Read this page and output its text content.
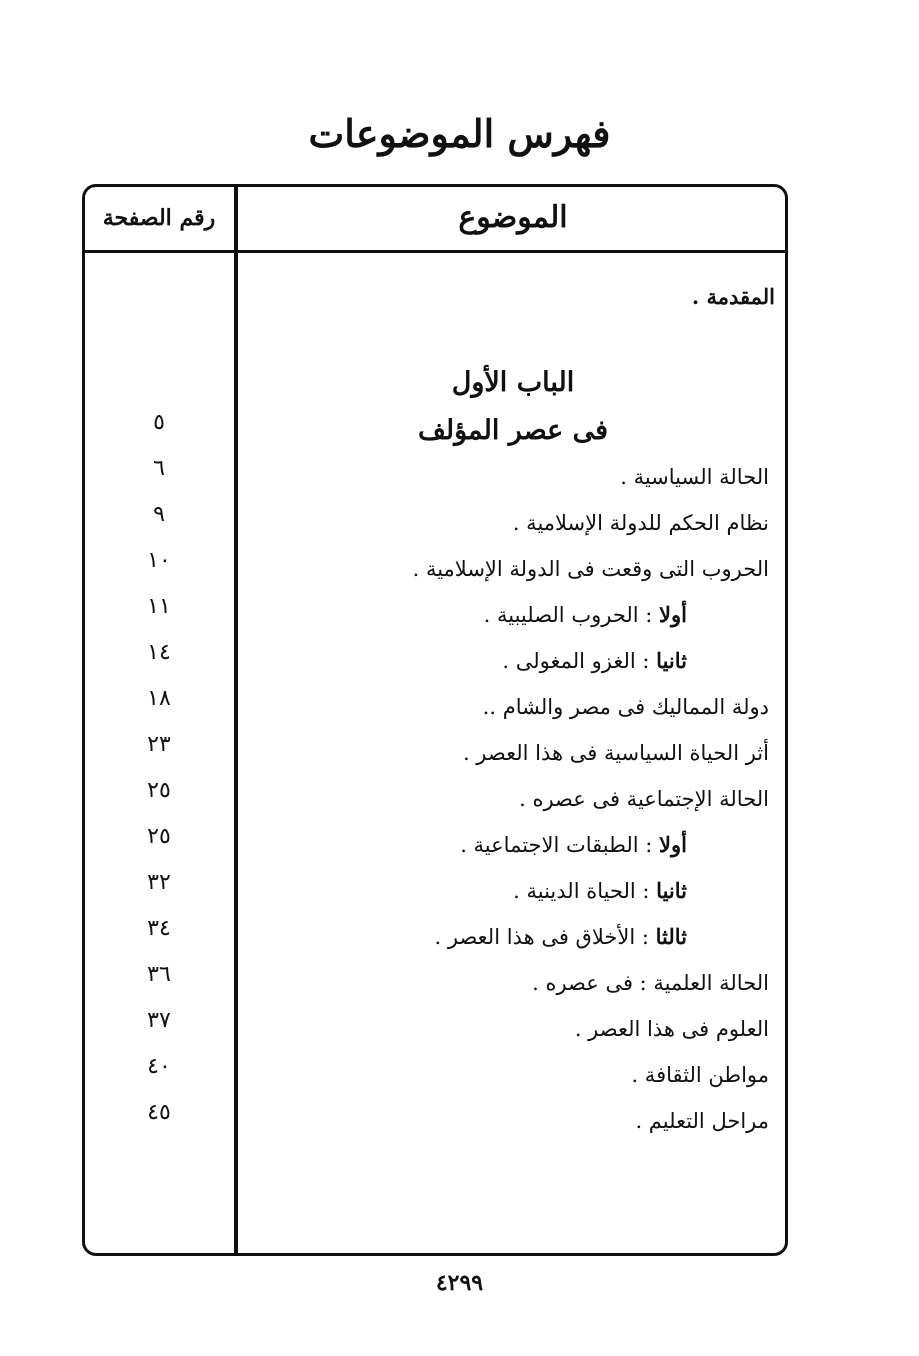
فهرس الموضوعات
الموضوع
رقم الصفحة
المقدمة .
الباب الأول
فى عصر المؤلف
الحالة السياسية .
نظام الحكم للدولة الإسلامية .
الحروب التى وقعت فى الدولة الإسلامية .
أولا : الحروب الصليبية .
ثانيا : الغزو المغولى .
دولة المماليك فى مصر والشام ..
أثر الحياة السياسية فى هذا العصر .
الحالة الإجتماعية فى عصره .
أولا : الطبقات الاجتماعية .
ثانيا : الحياة الدينية .
ثالثا : الأخلاق فى هذا العصر .
الحالة العلمية : فى عصره .
العلوم فى هذا العصر .
مواطن الثقافة .
مراحل التعليم .
٥
٦
٩
١٠
١١
١٤
١٨
٢٣
٢٥
٢٥
٣٢
٣٤
٣٦
٣٧
٤٠
٤٥
٤٢٩٩
